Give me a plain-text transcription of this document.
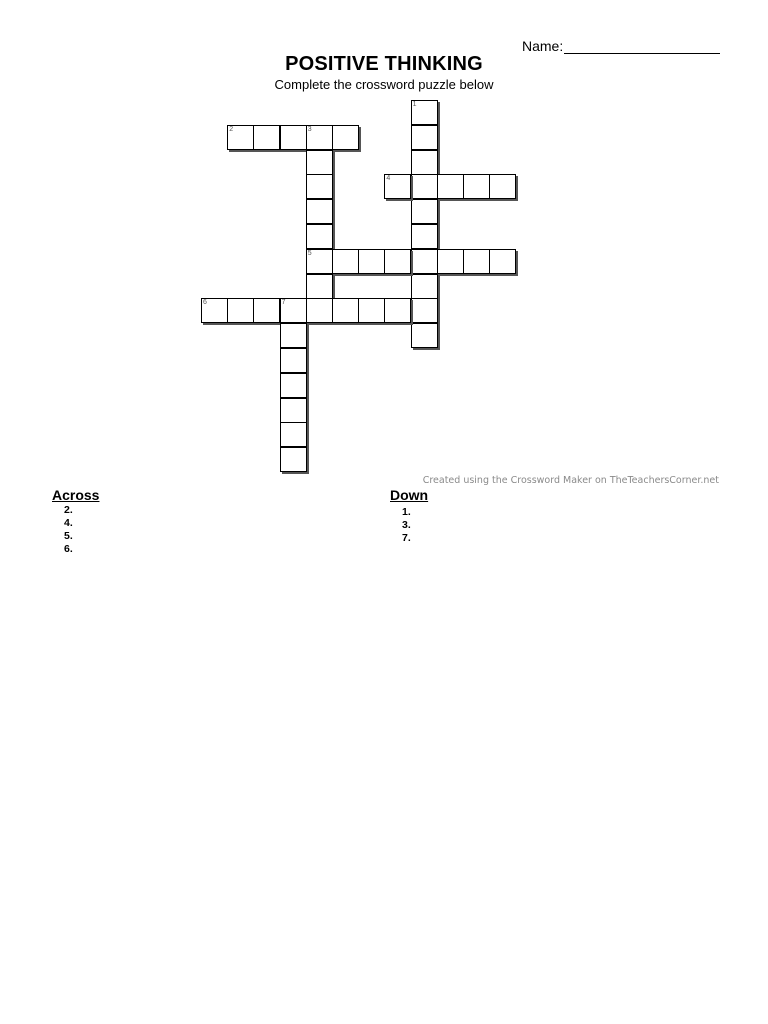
Name:
POSITIVE THINKING
Complete the crossword puzzle below
1
2	3
5
4
6	7
Created using the Crossword Maker on TheTeachersCorner.net
Across
2.
4.
5.
6.
Down
1.
3.
7.
